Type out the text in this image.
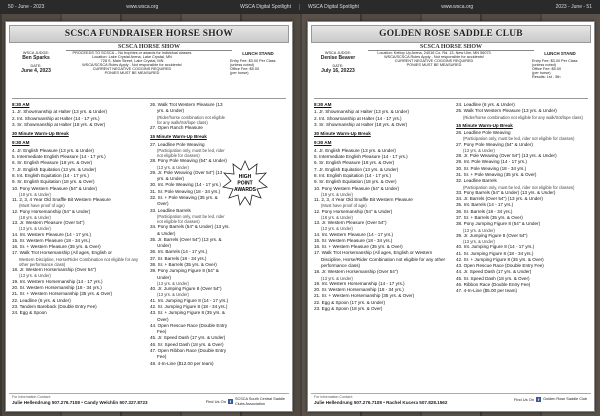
50 - June - 2023	www.wsca.org	WSCA Digital Spotlight	WSCA Digital Spotlight	www.wsca.org	2023 - June - 51
SCSCA FUNDRAISER HORSE SHOW
SCSCA HORSE SHOW
WSCA JUDGE:
Ben Sparks
DATE:
June 4, 2023
PROCEEDS TO SCSCA – No trophies or awards for individual classes
Location: Lake Crystal Arena, Lake Crystal, MN
728 S. Main Street, Lake Crystal, MN
WSCA/SCSCA Rules Apply - Not responsible for accidents!
CURRENT NEGATIVE COGGINS REQUIRED
PONIES MUST BE MEASURED
LUNCH STAND
Entry Fee: $3.00 Per Class
(unless noted)
Office Fee: $5.00
(per horse)
8:30 AM
1. Jr. Showmanship at Halter (13 yrs. & Under)
2. Int. Showmanship at Halter (14 - 17 yrs.)
3. Sr. Showmanship at Halter (18 yrs. & Over)
30 Minute Warm-Up Break
9:30 AM
4. Jr. English Pleasure (13 yrs. & Under)
5. Intermediate English Pleasure (14 - 17 yrs.)
6. Sr. English Pleasure (18 yrs. & Over)
7. Jr. English Equitation (13 yrs. & Under)
8. Int. English Equitation (14 - 17 yrs.)
9. Sr. English Equitation (18 yrs. & Over)
10. Pony Western Pleasure (54" & Under)
(18 yrs. & Under)
11. 2, 3, 4 Year Old Snaffle Bit Western Pleasure
(Must have proof of age)
12. Pony Horsemanship (54" & Under)
(18 yrs. & Under)
13. Jr. Western Pleasure (Over 54")
(13 yrs. & Under)
14. Int. Western Pleasure (14 - 17 yrs.)
15. Sr. Western Pleasure (18 - 34 yrs.)
16. Sr. + Western Pleasure (35 yrs. & Over)
17. Walk Trot Horsemanship (All ages, English or
Western Discipline, Horse/Rider Combination not eligible for any other performance class)
18. Jr. Western Horsemanship (Over 54")
(13 yrs. & Under)
19. Int. Western Horsemanship (14 - 17 yrs.)
20. Sr. Western Horsemanship (18 - 34 yrs.)
21. Sr. + Western Horsemanship (35 yrs. & Over)
22. Leadline (6 yrs. & Under)
23. Tandem Bareback (Double Entry Fee)
24. Egg & Spoon
26. Walk Trot Western Pleasure (13 yrs. & Under)
(Rider/horse combination not eligible for any walk/trot/lope class)
27. Open Ranch Pleasure
15 Minute Warm-Up Break
27. Leadline Pole Weaving
(Participation only, must be led, rider not eligible for classes)
28. Pony Pole Weaving (54" & Under)
(13 yrs. & Under)
29. Jr. Pole Weaving (Over 54") (13 yrs. & Under)
30. Int. Pole Weaving (14 - 17 yrs.)
31. Sr. Pole Weaving (18 - 34 yrs.)
32. Sr. + Pole Weaving (35 yrs. & Over)
33. Leadline Barrels
(Participation only, must be led, rider not eligible for classes)
34. Pony Barrels (54" & Under) (13 yrs. & Under)
35. Jr. Barrels (Over 54") (13 yrs. & Under)
36. Int. Barrels (14 - 17 yrs.)
37. Sr. Barrels (18 - 34 yrs.)
38. Sr. + Barrels (35 yrs. & Over)
39. Pony Jumping Figure 8 (54" & Under)
(13 yrs. & Under)
40. Jr. Jumping Figure 8 (Over 54")
(13 yrs. & Under)
41. Int. Jumping Figure 8 (14 - 17 yrs.)
42. Sr. Jumping Figure 8 (18 - 34 yrs.)
43. Sr. + Jumping Figure 8 (35 yrs. & Over)
44. Open Rescue Race (Double Entry Fee)
45. Jr. Speed Dash (17 yrs. & Under)
46. Sr. Speed Dash (18 yrs. & Over)
47. Open Ribbon Race (Double Entry Fee)
48. 4-In-Line ($12.00 per team)
HIGH
POINT
AWARDS
For Information Contact:
Julie Hellendrung 507.276.7108 • Candy Welchlin 507.327.8723	Find Us On f
SCSCA South Central Saddle
Clubs Association
GOLDEN ROSE SADDLE CLUB
SCSCA HORSE SHOW
WSCA JUDGE:
Denise Beaver
DATE:
July 16, 20223
Location: Kettop Up Arena, 24016 Co. Rd. 13, New Ulm, MN 56073
WSCA/SCSCA Rules Apply - Not responsible for accidents!
CURRENT NEGATIVE COGGINS REQUIRED
PONIES MUST BE MEASURED
LUNCH STAND
Entry Fee: $3.00 Per Class
(unless noted)
Office Fee: $5.00
(per horse)
Results: 1st - 5th
8:30 AM
1. Jr. Showmanship at Halter (13 yrs. & Under)
2. Int. Showmanship at Halter (14 - 17 yrs.)
3. Sr. Showmanship at Halter (18 yrs. & Over)
30 Minute Warm-Up Break
9:30 AM
4. Jr. English Pleasure (13 yrs. & Under)
5. Intermediate English Pleasure (14 - 17 yrs.)
6. Sr. English Pleasure (18 yrs. & Over)
7. Jr. English Equitation (13 yrs. & Under)
8. Int. English Equitation (14 - 17 yrs.)
9. Sr. English Equitation (18 yrs. & Over)
10. Pony Western Pleasure (54" & Under)
(18 yrs. & Under)
11. 2, 3, 4 Year Old Snaffle Bit Western Pleasure
(Must have proof of age)
12. Pony Horsemanship (54" & Under)
(18 yrs. & Under)
13. Jr. Western Pleasure (Over 54")
(13 yrs. & Under)
14. Int. Western Pleasure (14 - 17 yrs.)
15. Sr. Western Pleasure (18 - 34 yrs.)
16. Sr. + Western Pleasure (35 yrs. & Over)
17. Walk Trot Horsemanship (All ages, English or Western Discipline, Horse/Rider Combination not eligible for any other performance class)
18. Jr. Western Horsemanship (Over 54")
(13 yrs. & Under)
19. Int. Western Horsemanship (14 - 17 yrs.)
20. Sr. Western Horsemanship (18 - 34 yrs.)
21. Sr. + Western Horsemanship (35 yrs. & Over)
22. Egg & Spoon (17 yrs. & Under)
23. Egg & Spoon (18 yrs. & Over)
24. Leadline (6 yrs. & Under)
25. Walk Trot Western Pleasure (13 yrs. & Under)
(Rider/horse combination not eligible for any walk/trot/lope class)
15 Minute Warm-Up Break
26. Leadline Pole Weaving
(Participation only, must be led, rider not eligible for classes)
27. Pony Pole Weaving (54" & Under)
(13 yrs. & Under)
28. Jr. Pole Weaving (Over 54") (13 yrs. & Under)
29. Int. Pole Weaving (14 - 17 yrs.)
30. Sr. Pole Weaving (18 - 34 yrs.)
31. Sr. + Pole Weaving (35 yrs. & Over)
32. Leadline Barrels
(Participation only, must be led, rider not eligible for classes)
33. Pony Barrels (54" & Under) (13 yrs. & Under)
34. Jr. Barrels (Over 54") (13 yrs. & Under)
35. Int. Barrels (14 - 17 yrs.)
36. Sr. Barrels (18 - 34 yrs.)
37. Sr. + Barrels (35 yrs. & Over)
38. Pony Jumping Figure 8 (54" & Under)
(13 yrs. & Under)
39. Jr. Jumping Figure 8 (Over 54")
(13 yrs. & Under)
40. Int. Jumping Figure 8 (14 - 17 yrs.)
41. Sr. Jumping Figure 8 (18 - 34 yrs.)
42. Sr. + Jumping Figure 8 (35 yrs. & Over)
43. Open Rescue Race (Double Entry Fee)
44. Jr. Speed Dash (17 yrs. & Under)
45. Sr. Speed Dash (18 yrs. & Over)
46. Ribbon Race (Double Entry Fee)
47. 4-In-Line ($5.00 per team)
For Information Contact:
Julie Hellendrung 507.276.7108 • Rachel Kucera 507.828.1562
Find Us On f	Golden Rose Saddle Club
